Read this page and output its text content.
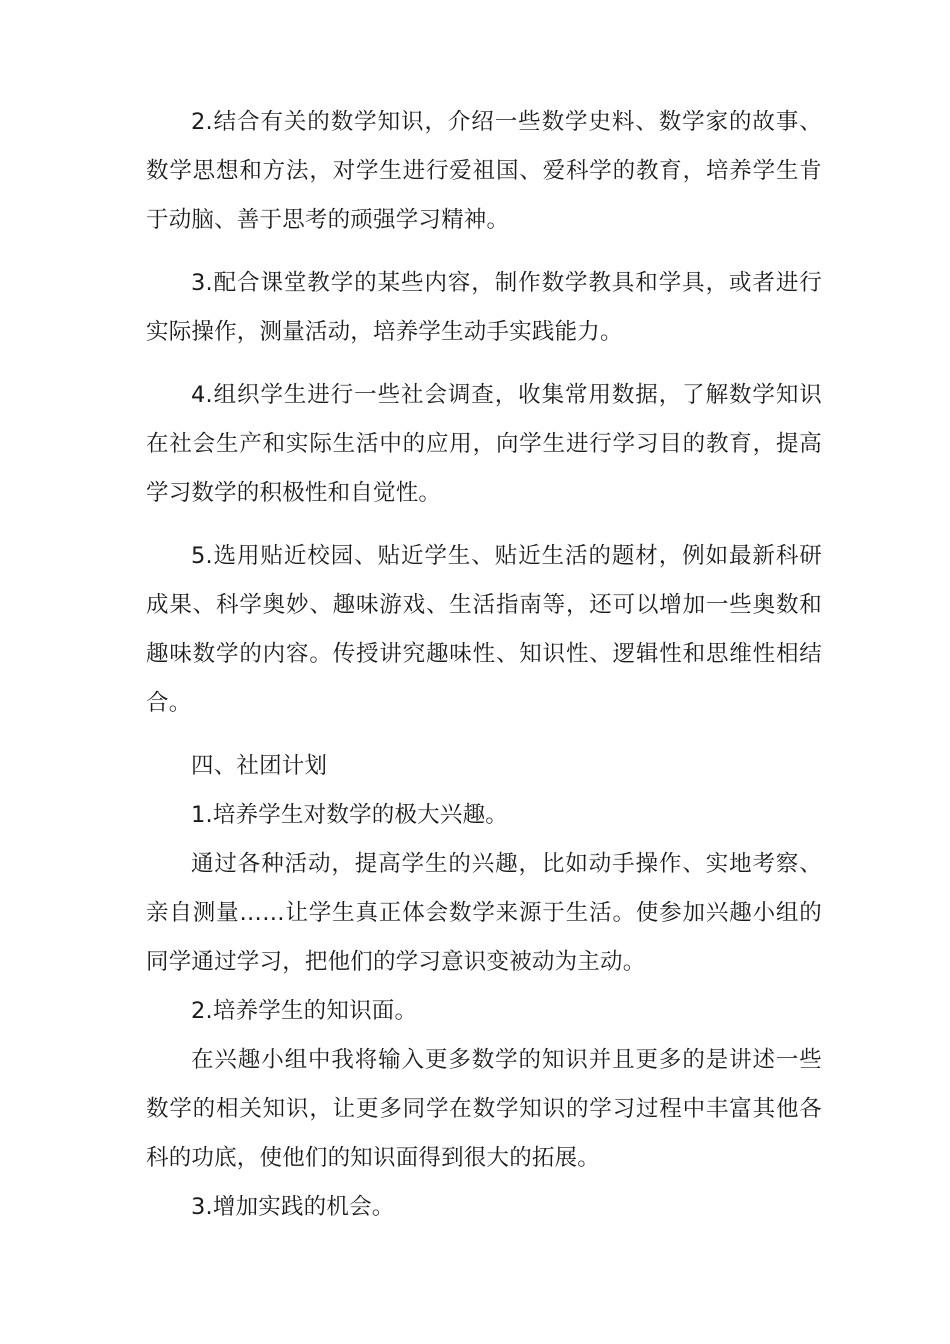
2.结合有关的数学知识，介绍一些数学史料、数学家的故事、数学思想和方法，对学生进行爱祖国、爱科学的教育，培养学生肯于动脑、善于思考的顽强学习精神。

3.配合课堂教学的某些内容，制作数学教具和学具，或者进行实际操作，测量活动，培养学生动手实践能力。

4.组织学生进行一些社会调查，收集常用数据，了解数学知识在社会生产和实际生活中的应用，向学生进行学习目的教育，提高学习数学的积极性和自觉性。

5.选用贴近校园、贴近学生、贴近生活的题材，例如最新科研成果、科学奥妙、趣味游戏、生活指南等，还可以增加一些奥数和趣味数学的内容。传授讲究趣味性、知识性、逻辑性和思维性相结合。

四、社团计划

1.培养学生对数学的极大兴趣。

通过各种活动，提高学生的兴趣，比如动手操作、实地考察、亲自测量……让学生真正体会数学来源于生活。使参加兴趣小组的同学通过学习，把他们的学习意识变被动为主动。

2.培养学生的知识面。

在兴趣小组中我将输入更多数学的知识并且更多的是讲述一些数学的相关知识，让更多同学在数学知识的学习过程中丰富其他各科的功底，使他们的知识面得到很大的拓展。

3.增加实践的机会。
